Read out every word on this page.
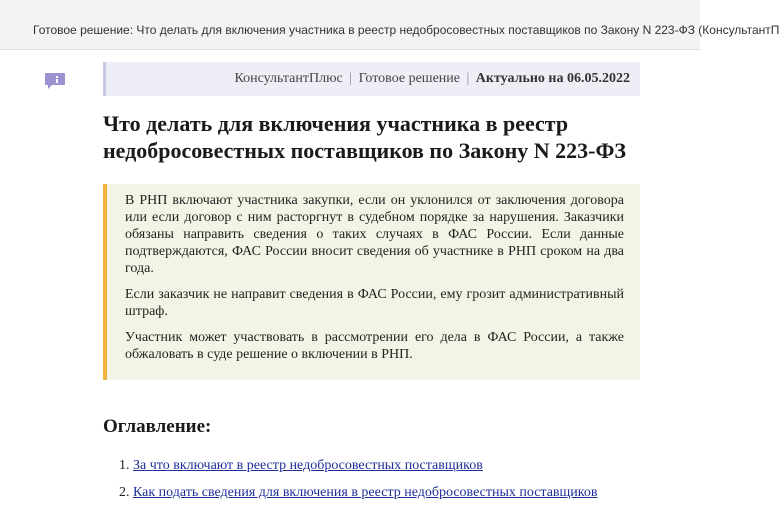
Готовое решение: Что делать для включения участника в реестр недобросовестных поставщиков по Закону N 223-ФЗ (КонсультантП
КонсультантПлюс | Готовое решение | Актуально на 06.05.2022
Что делать для включения участника в реестр недобросовестных поставщиков по Закону N 223-ФЗ

В РНП включают участника закупки, если он уклонился от заключения договора или если договор с ним расторгнут в судебном порядке за нарушения. Заказчики обязаны направить сведения о таких случаях в ФАС России. Если данные подтверждаются, ФАС России вносит сведения об участнике в РНП сроком на два года.

Если заказчик не направит сведения в ФАС России, ему грозит административный штраф.

Участник может участвовать в рассмотрении его дела в ФАС России, а также обжаловать в суде решение о включении в РНП.

Оглавление:
1. За что включают в реестр недобросовестных поставщиков
2. Как подать сведения для включения в реестр недобросовестных поставщиков
